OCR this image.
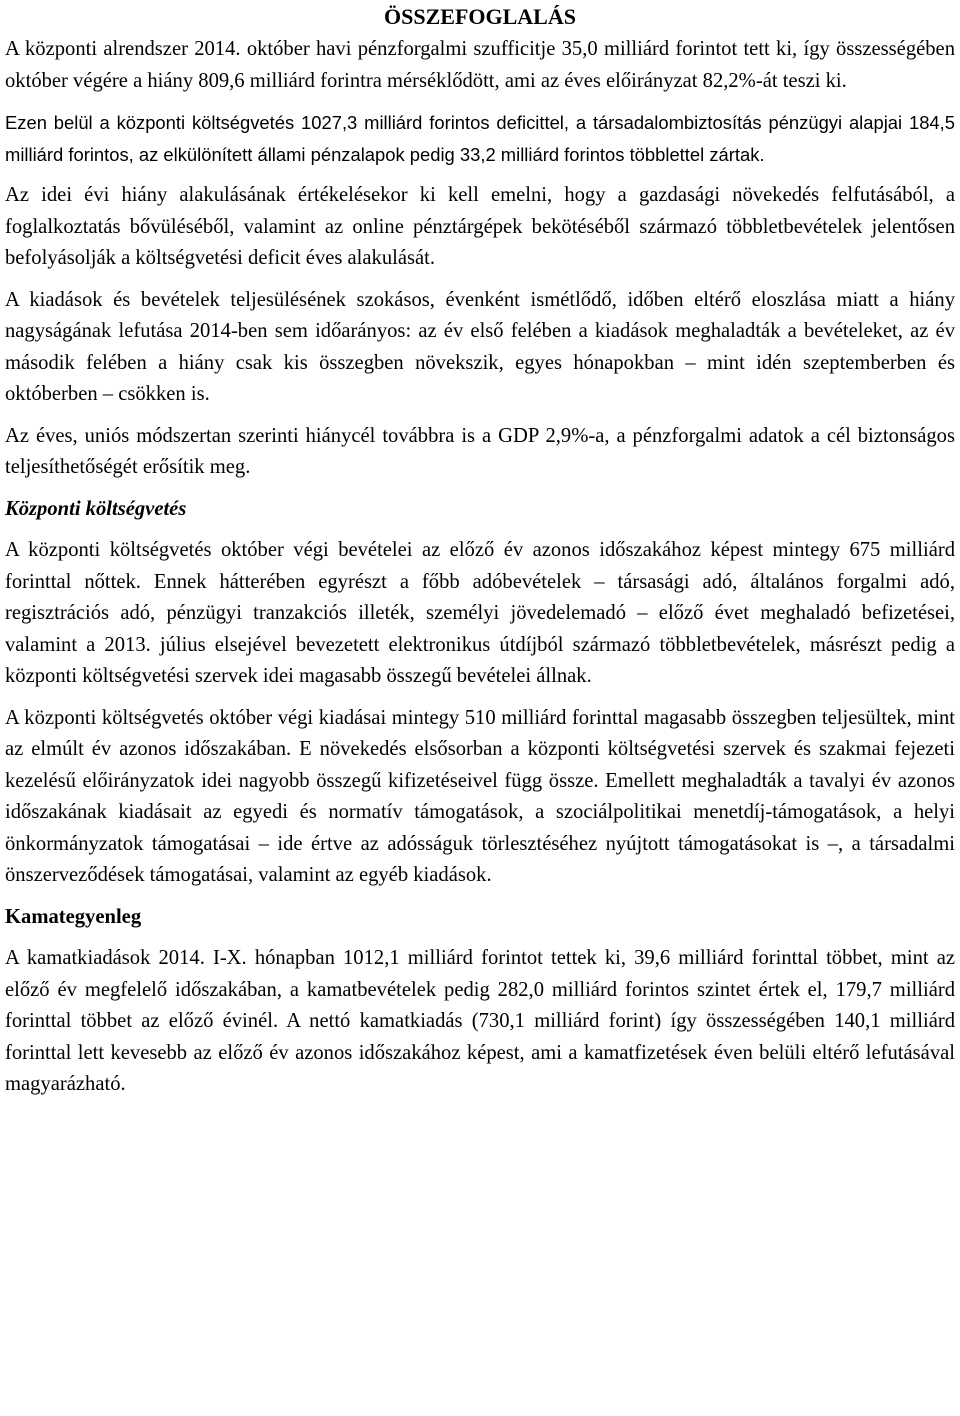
ÖSSZEFOGLALÁS

A központi alrendszer 2014. október havi pénzforgalmi szufficitje 35,0 milliárd forintot tett ki, így összességében október végére a hiány 809,6 milliárd forintra mérséklődött, ami az éves előirányzat 82,2%-át teszi ki.

Ezen belül a központi költségvetés 1027,3 milliárd forintos deficittel, a társadalombiztosítás pénzügyi alapjai 184,5 milliárd forintos, az elkülönített állami pénzalapok pedig 33,2 milliárd forintos többlettel zártak.

Az idei évi hiány alakulásának értékelésekor ki kell emelni, hogy a gazdasági növekedés felfutásából, a foglalkoztatás bővüléséből, valamint az online pénztárgépek bekötéséből származó többletbevételek jelentősen befolyásolják a költségvetési deficit éves alakulását.

A kiadások és bevételek teljesülésének szokásos, évenként ismétlődő, időben eltérő eloszlása miatt a hiány nagyságának lefutása 2014-ben sem időarányos: az év első felében a kiadások meghaladták a bevételeket, az év második felében a hiány csak kis összegben növekszik, egyes hónapokban – mint idén szeptemberben és októberben – csökken is.

Az éves, uniós módszertan szerinti hiánycél továbbra is a GDP 2,9%-a, a pénzforgalmi adatok a cél biztonságos teljesíthetőségét erősítik meg.

Központi költségvetés

A központi költségvetés október végi bevételei az előző év azonos időszakához képest mintegy 675 milliárd forinttal nőttek. Ennek hátterében egyrészt a főbb adóbevételek – társasági adó, általános forgalmi adó, regisztrációs adó, pénzügyi tranzakciós illeték, személyi jövedelemadó – előző évet meghaladó befizetései, valamint a 2013. július elsejével bevezetett elektronikus útdíjból származó többletbevételek, másrészt pedig a központi költségvetési szervek idei magasabb összegű bevételei állnak.

A központi költségvetés október végi kiadásai mintegy 510 milliárd forinttal magasabb összegben teljesültek, mint az elmúlt év azonos időszakában. E növekedés elsősorban a központi költségvetési szervek és szakmai fejezeti kezelésű előirányzatok idei nagyobb összegű kifizetéseivel függ össze. Emellett meghaladták a tavalyi év azonos időszakának kiadásait az egyedi és normatív támogatások, a szociálpolitikai menetdíj-támogatások, a helyi önkormányzatok támogatásai – ide értve az adósságuk törlesztéséhez nyújtott támogatásokat is –, a társadalmi önszerveződések támogatásai, valamint az egyéb kiadások.

Kamategyenleg

A kamatkiadások 2014. I-X. hónapban 1012,1 milliárd forintot tettek ki, 39,6 milliárd forinttal többet, mint az előző év megfelelő időszakában, a kamatbevételek pedig 282,0 milliárd forintos szintet értek el, 179,7 milliárd forinttal többet az előző évinél. A nettó kamatkiadás (730,1 milliárd forint) így összességében 140,1 milliárd forinttal lett kevesebb az előző év azonos időszakához képest, ami a kamatfizetések éven belüli eltérő lefutásával magyarázható.
